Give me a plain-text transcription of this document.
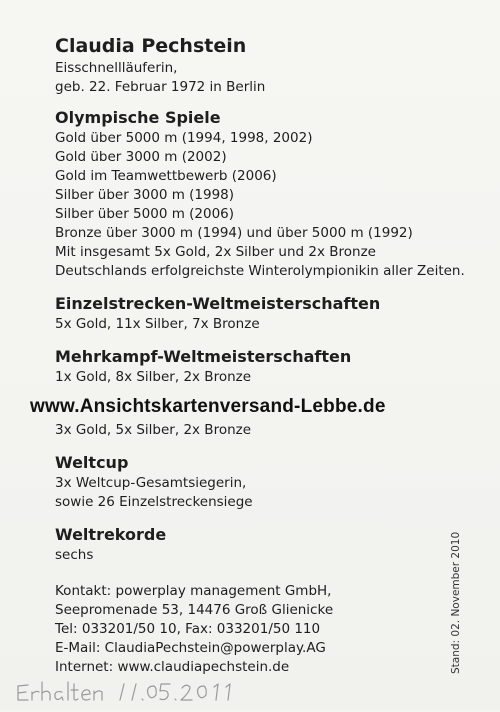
Claudia Pechstein
Eisschnellläuferin,
geb. 22. Februar 1972 in Berlin
Olympische Spiele
Gold über 5000 m (1994, 1998, 2002)
Gold über 3000 m (2002)
Gold im Teamwettbewerb (2006)
Silber über 3000 m (1998)
Silber über 5000 m (2006)
Bronze über 3000 m (1994) und über 5000 m (1992)
Mit insgesamt 5x Gold, 2x Silber und 2x Bronze
Deutschlands erfolgreichste Winterolympionikin aller Zeiten.
Einzelstrecken-Weltmeisterschaften
5x Gold, 11x Silber, 7x Bronze
Mehrkampf-Weltmeisterschaften
1x Gold, 8x Silber, 2x Bronze
3x Gold, 5x Silber, 2x Bronze
Weltcup
3x Weltcup-Gesamtsiegerin,
sowie 26 Einzelstreckensiege
Weltrekorde
sechs
Kontakt: powerplay management GmbH,
Seepromenade 53, 14476 Groß Glienicke
Tel: 033201/50 10, Fax: 033201/50 110
E-Mail: ClaudiaPechstein@powerplay.AG
Internet: www.claudiapechstein.de
www.Ansichtskartenversand-Lebbe.de
Stand: 02. November 2010
